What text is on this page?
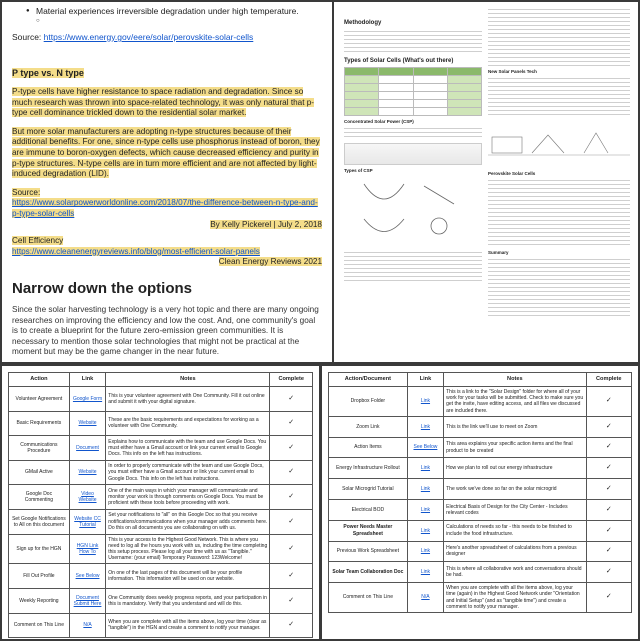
● Material experiences irreversible degradation under high temperature.
○
Source: https://www.energy.gov/eere/solar/perovskite-solar-cells

P type vs. N type

P-type cells have higher resistance to space radiation and degradation. Since so much research was thrown into space-related technology, it was only natural that p-type cell dominance trickled down to the residential solar market.

But more solar manufacturers are adopting n-type structures because of their additional benefits. For one, since n-type cells use phosphorus instead of boron, they are immune to boron-oxygen defects, which cause decreased efficiency and purity in p-type structures. N-type cells are in turn more efficient and are not affected by light-induced degradation (LID).

Source:

https://www.solarpowerworldonline.com/2018/07/the-difference-between-n-type-and-p-type-solar-cells

By Kelly Pickerel | July 2, 2018

Cell Efficiency

https://www.cleanenergyreviews.info/blog/most-efficient-solar-panels

Clean Energy Reviews 2021

Narrow down the options

Since the solar harvesting technology is a very hot topic and there are many ongoing researches on improving the efficiency and low the cost. And, one community's goal is to create a blueprint for the future zero-emission green communities. It is necessary to mention those solar technologies that might not be practical at the moment but may be the game changer in the near future.

Methodology
Types of Solar Cells (What's out there)

Concentrated Solar Power (CSP)
Types of CSP
New Solar Panels Tech
Perovskite Solar Cells
Summary
Action	Link	Notes	Complete
Volunteer Agreement	Google Form	This is your volunteer agreement with One Community. Fill it out online and submit it with your digital signature.	✓
Basic Requirements	Website	These are the basic requirements and expectations for working as a volunteer with One Community.	✓
Communications Procedure	Document	Explains how to communicate with the team and use Google Docs. You must either have a Gmail account or link your current email to Google Docs. This info on the left has instructions.	✓
GMail Active	Website	In order to properly communicate with the team and use Google Docs, you must either have a Gmail account or link your current email to Google Docs. This info on the left has instructions.	✓
Google Doc Commenting	Video Website	One of the main ways in which your manager will communicate and monitor your work is through comments on Google Docs. You must be proficient with these tools before proceeding with work.	✓
Set Google Notifications to All on this document	Website CC Tutorial	Set your notifications to "all" on this Google Doc so that you receive notifications/communications when your manager adds comments here. Do this on all documents you are collaborating on with us.	✓
Sign up for the HGN	HGN Link How To	This is your access to the Highest Good Network. This is where you need to log all the hours you work with us, including the time completing this setup process. Please log all your time with us as "Tangible." Username: (your email) Temporary Password: 123Welcome!	✓
Fill Out Profile	See Below	On one of the last pages of this document will be your profile information. This information will be used on our website.	✓
Weekly Reporting	Document Submit Here	One Community does weekly progress reports, and your participation in this is mandatory. Verify that you understand and will do this.	✓
Comment on This Line	N/A	When you are complete with all the items above, log your time (clear as "tangible") in the HGN and create a comment to notify your manager.	✓
Action/Document	Link	Notes	Complete
Dropbox Folder	Link	This is a link to the "Solar Design" folder for where all of your work for your tasks will be submitted. Check to make sure you get the invite, have editing access, and all files we discussed are included there.	✓
Zoom Link	Link	This is the link we'll use to meet on Zoom	✓
Action Items	See Below	This area explains your specific action items and the final product to be created	✓
Energy Infrastructure Rollout	Link	How we plan to roll out our energy infrastructure	✓
Solar Microgrid Tutorial	Link	The work we've done so far on the solar microgrid	✓
Electrical BOD	Link	Electrical Basis of Design for the City Center - Includes relevant codes	✓
Power Needs Master Spreadsheet	Link	Calculations of needs so far - this needs to be finished to include the food infrastructure.	✓
Previous Work Spreadsheet	Link	Here's another spreadsheet of calculations from a previous designer	✓
Solar Team Collaboration Doc	Link	This is where all collaborative work and conversations should be had.	✓
Comment on This Line	N/A	When you are complete with all the items above, log your time (again) in the Highest Good Network under "Orientation and Initial Setup" (and as "tangible time") and create a comment to notify your manager.	✓
